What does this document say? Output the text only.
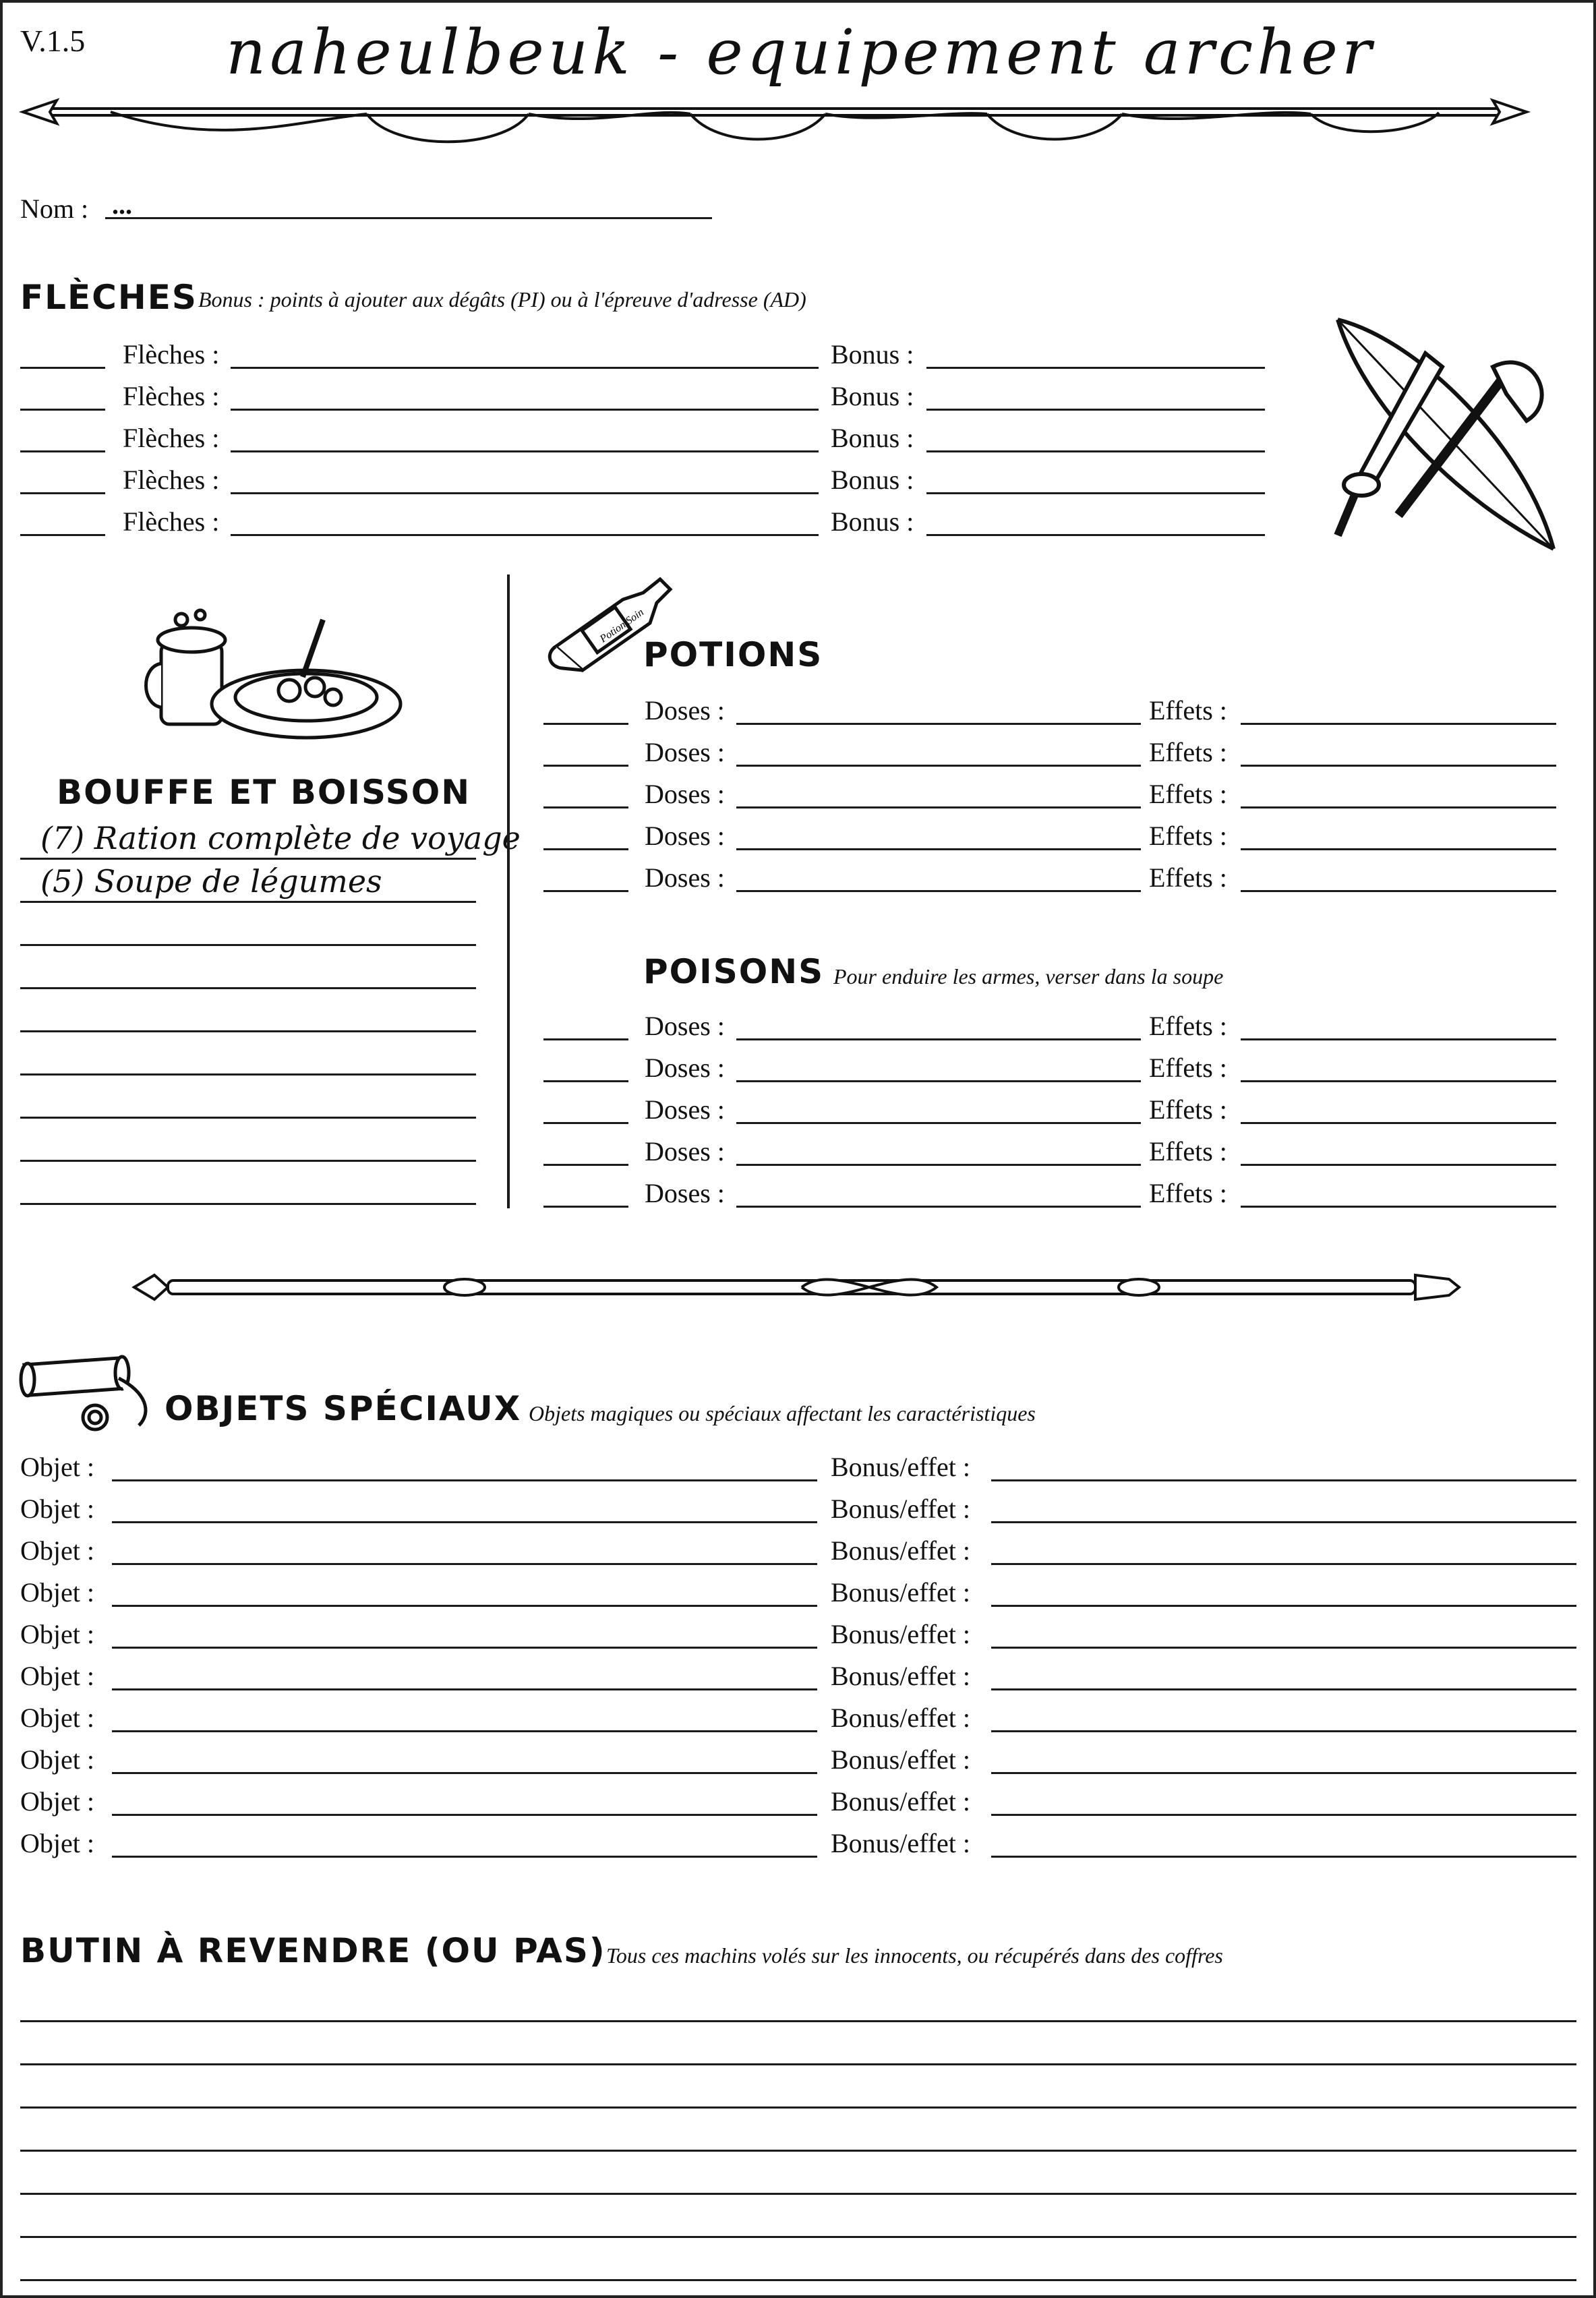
V.1.5	naheulbeuk - equipement archer
Nom : ...
FLÈCHES Bonus : points à ajouter aux dégâts (PI) ou à l'épreuve d'adresse (AD)
Flèches :	Bonus :
Flèches :	Bonus :
Flèches :	Bonus :
Flèches :	Bonus :
Flèches :	Bonus :
BOUFFE ET BOISSON
(7) Ration complète de voyage
(5) Soupe de légumes
Potion Soin
POTIONS
Doses :	Effets :
Doses :	Effets :
Doses :	Effets :
Doses :	Effets :
Doses :	Effets :
POISONS Pour enduire les armes, verser dans la soupe
Doses :	Effets :
Doses :	Effets :
Doses :	Effets :
Doses :	Effets :
Doses :	Effets :
OBJETS SPÉCIAUX Objets magiques ou spéciaux affectant les caractéristiques
Objet :	Bonus/effet :
Objet :	Bonus/effet :
Objet :	Bonus/effet :
Objet :	Bonus/effet :
Objet :	Bonus/effet :
Objet :	Bonus/effet :
Objet :	Bonus/effet :
Objet :	Bonus/effet :
Objet :	Bonus/effet :
Objet :	Bonus/effet :
BUTIN À REVENDRE (OU PAS) Tous ces machins volés sur les innocents, ou récupérés dans des coffres
